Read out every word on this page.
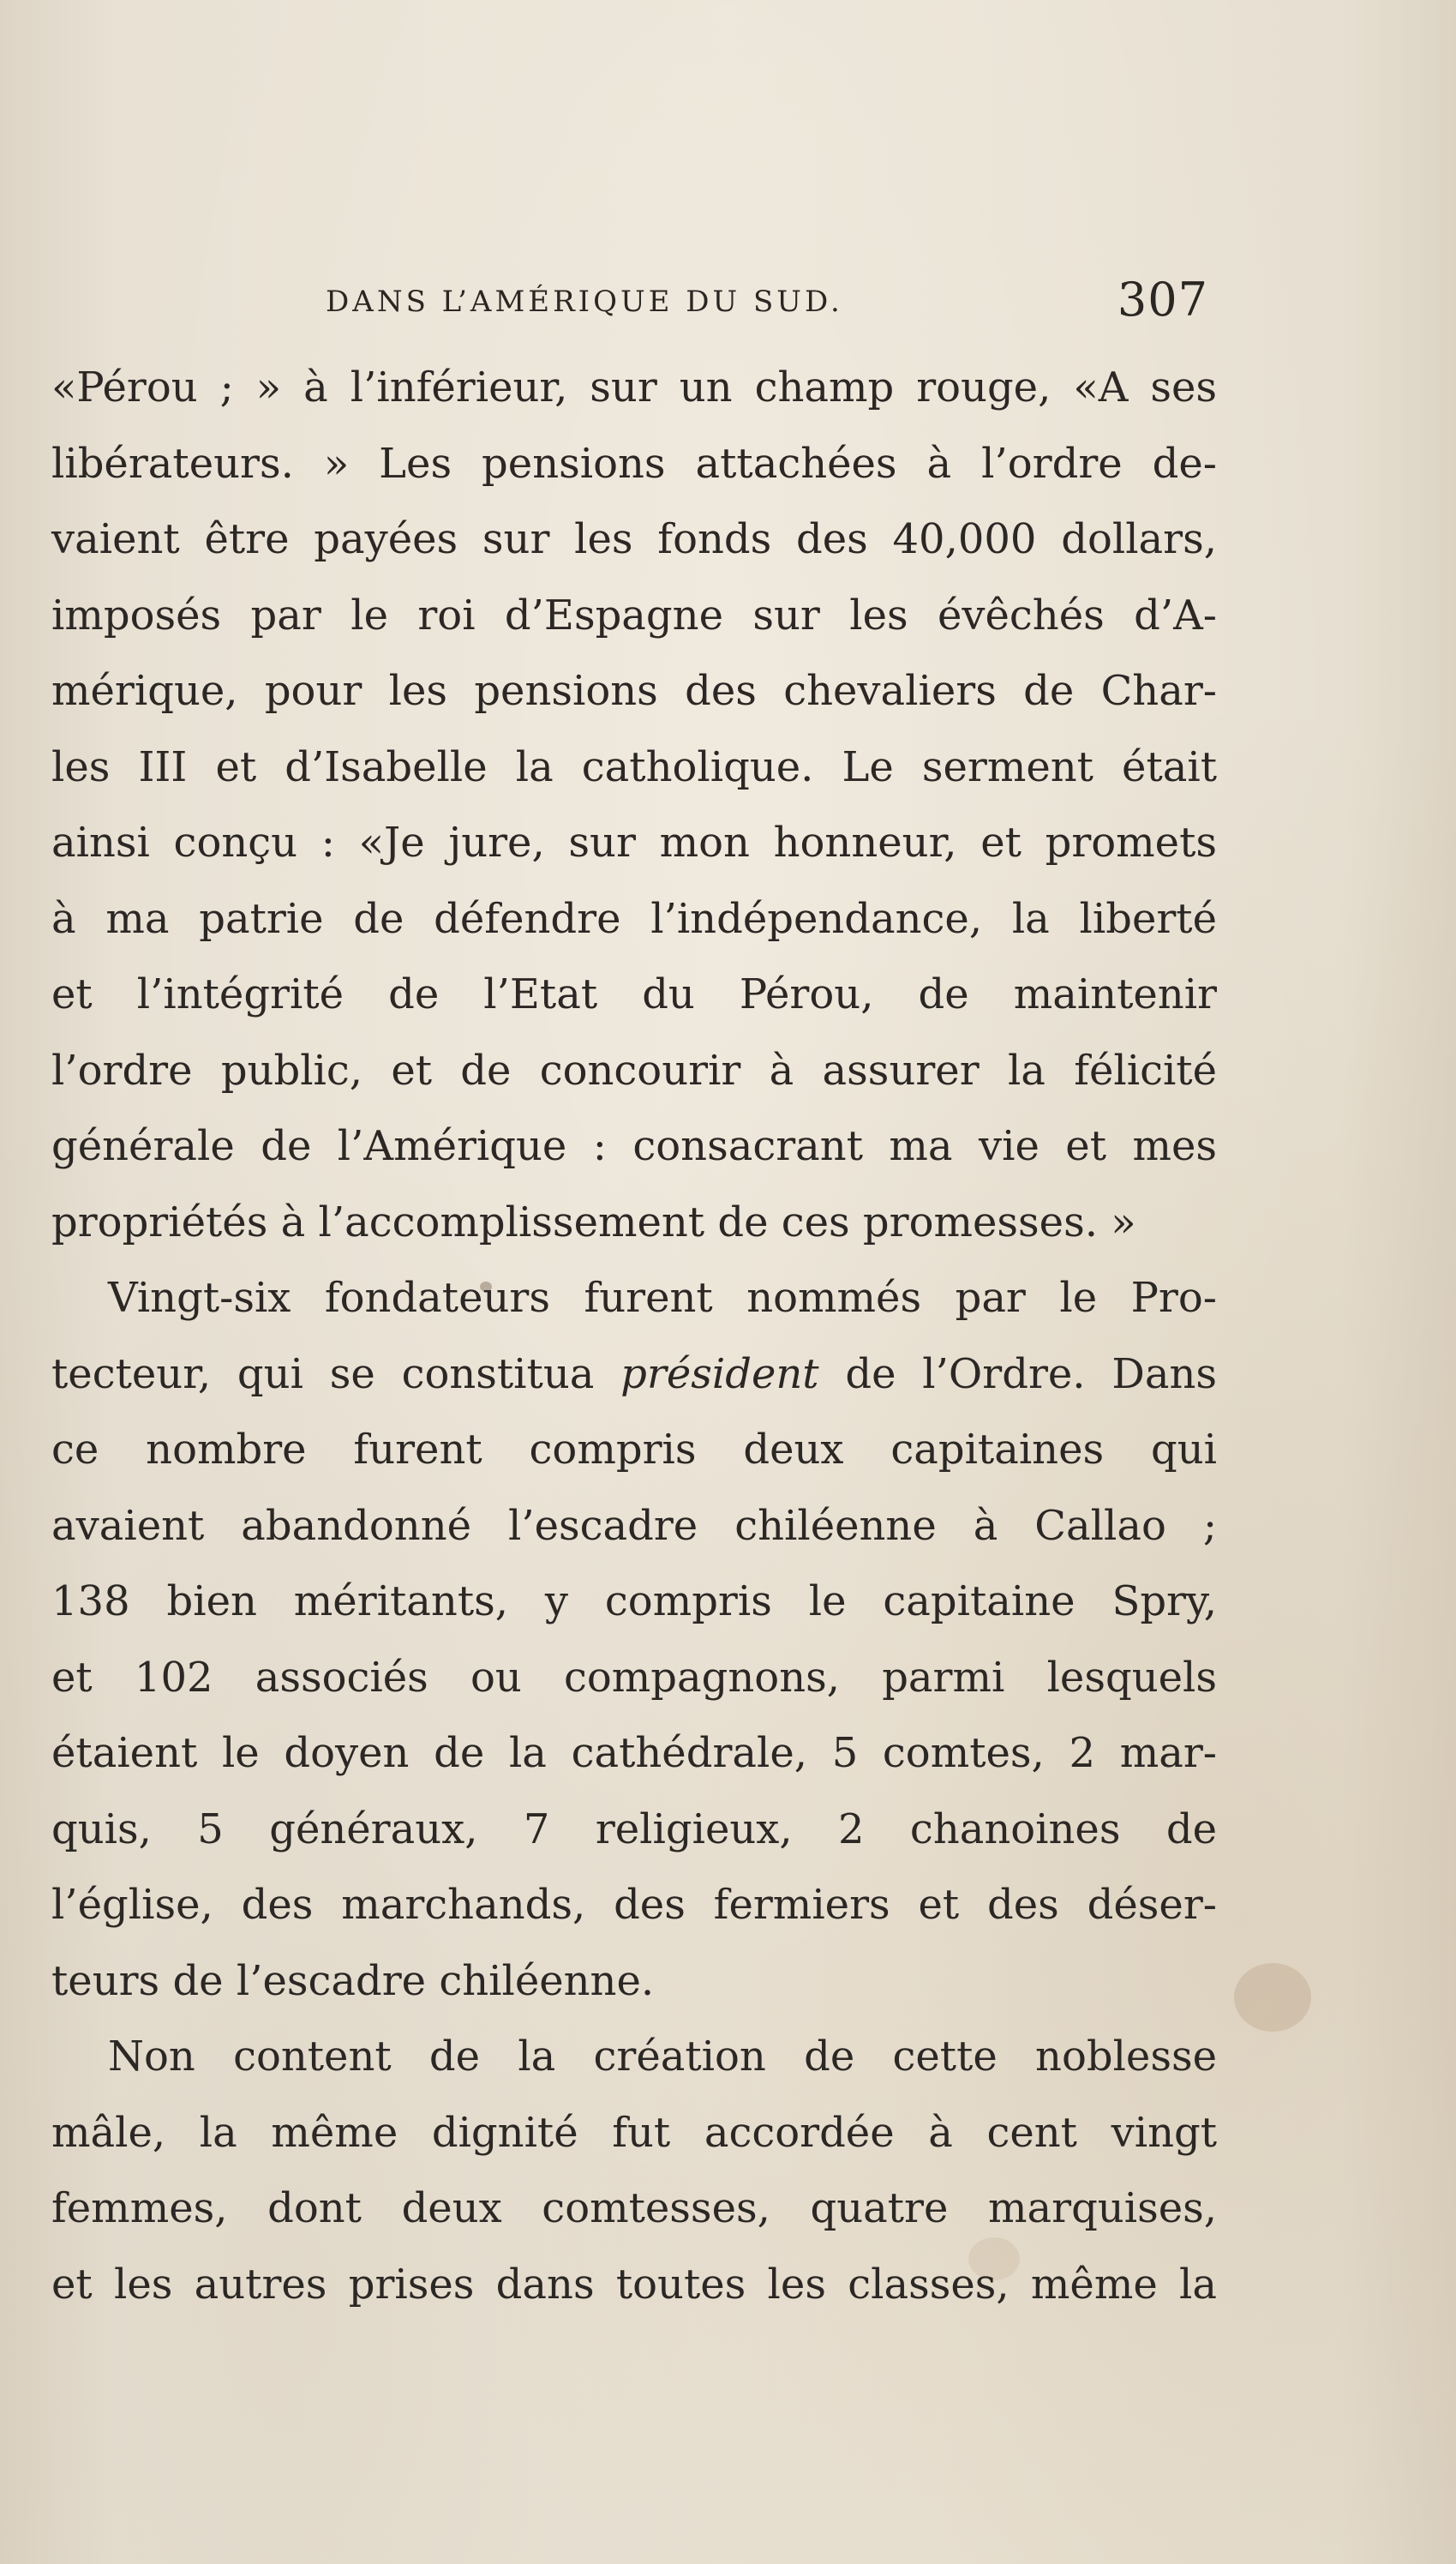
DANS L’AMÉRIQUE DU SUD.	307
«Pérou ; » à l’inférieur, sur un champ rouge, «A ses
libérateurs. » Les pensions attachées à l’ordre de-
vaient être payées sur les fonds des 40,000 dollars,
imposés par le roi d’Espagne sur les évêchés d’A-
mérique, pour les pensions des chevaliers de Char-
les III et d’Isabelle la catholique. Le serment était
ainsi conçu : «Je jure, sur mon honneur, et promets
à ma patrie de défendre l’indépendance, la liberté
et l’intégrité de l’Etat du Pérou, de maintenir
l’ordre public, et de concourir à assurer la félicité
générale de l’Amérique : consacrant ma vie et mes
propriétés à l’accomplissement de ces promesses. »
Vingt-six fondateurs furent nommés par le Pro-
tecteur, qui se constitua président de l’Ordre. Dans
ce nombre furent compris deux capitaines qui
avaient abandonné l’escadre chiléenne à Callao ;
138 bien méritants, y compris le capitaine Spry,
et 102 associés ou compagnons, parmi lesquels
étaient le doyen de la cathédrale, 5 comtes, 2 mar-
quis, 5 généraux, 7 religieux, 2 chanoines de
l’église, des marchands, des fermiers et des déser-
teurs de l’escadre chiléenne.
Non content de la création de cette noblesse
mâle, la même dignité fut accordée à cent vingt
femmes, dont deux comtesses, quatre marquises,
et les autres prises dans toutes les classes, même la
